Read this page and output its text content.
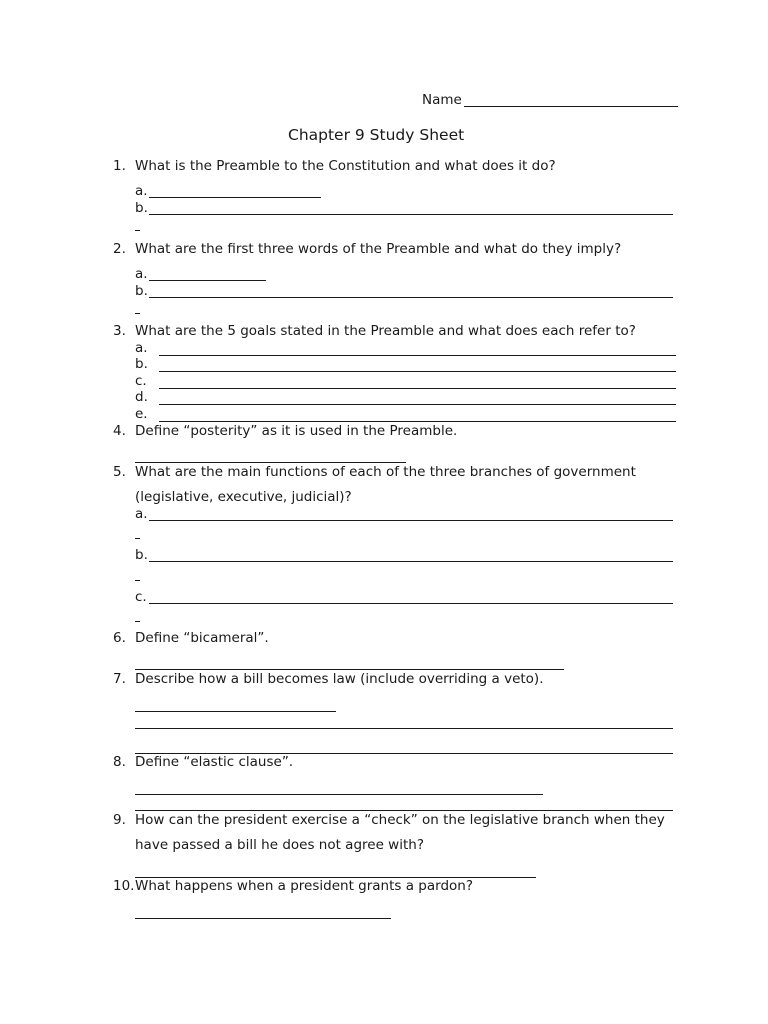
Name
Chapter 9 Study Sheet
1. What is the Preamble to the Constitution and what does it do?
a.
b.
2. What are the first three words of the Preamble and what do they imply?
a.
b.
3. What are the 5 goals stated in the Preamble and what does each refer to?
a.
b.
c.
d.
e.
4. Define “posterity” as it is used in the Preamble.
5. What are the main functions of each of the three branches of government
(legislative, executive, judicial)?
a.
b.
c.
6. Define “bicameral”.
7. Describe how a bill becomes law (include overriding a veto).
8. Define “elastic clause”.
9. How can the president exercise a “check” on the legislative branch when they
have passed a bill he does not agree with?
10. What happens when a president grants a pardon?
